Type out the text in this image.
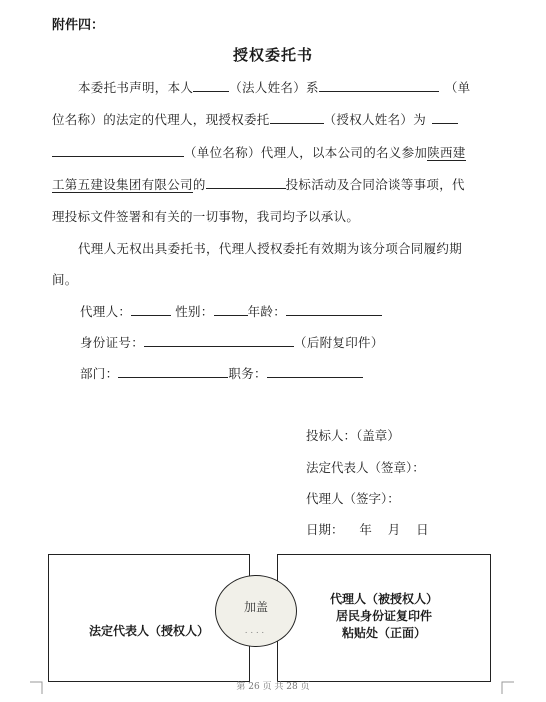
附件四：
授权委托书
本委托书声明，本人	（法人姓名）系	（单
位名称）的法定的代理人，现授权委托	（授权人姓名）为
（单位名称）代理人，以本公司的名义参加陕西建
工第五建设集团有限公司的	投标活动及合同洽谈等事项，代
理投标文件签署和有关的一切事物，我司均予以承认。
代理人无权出具委托书，代理人授权委托有效期为该分项合同履约期
间。
代理人：	性别：	年龄：
身份证号：	（后附复印件）
部门：	职务：
投标人：（盖章）
法定代表人（签章）：
代理人（签字）：
日期：    年    月    日
法定代表人（授权人）
代理人（被授权人）
居民身份证复印件
粘贴处（正面）
加盖
....
第 26 页 共 28 页
